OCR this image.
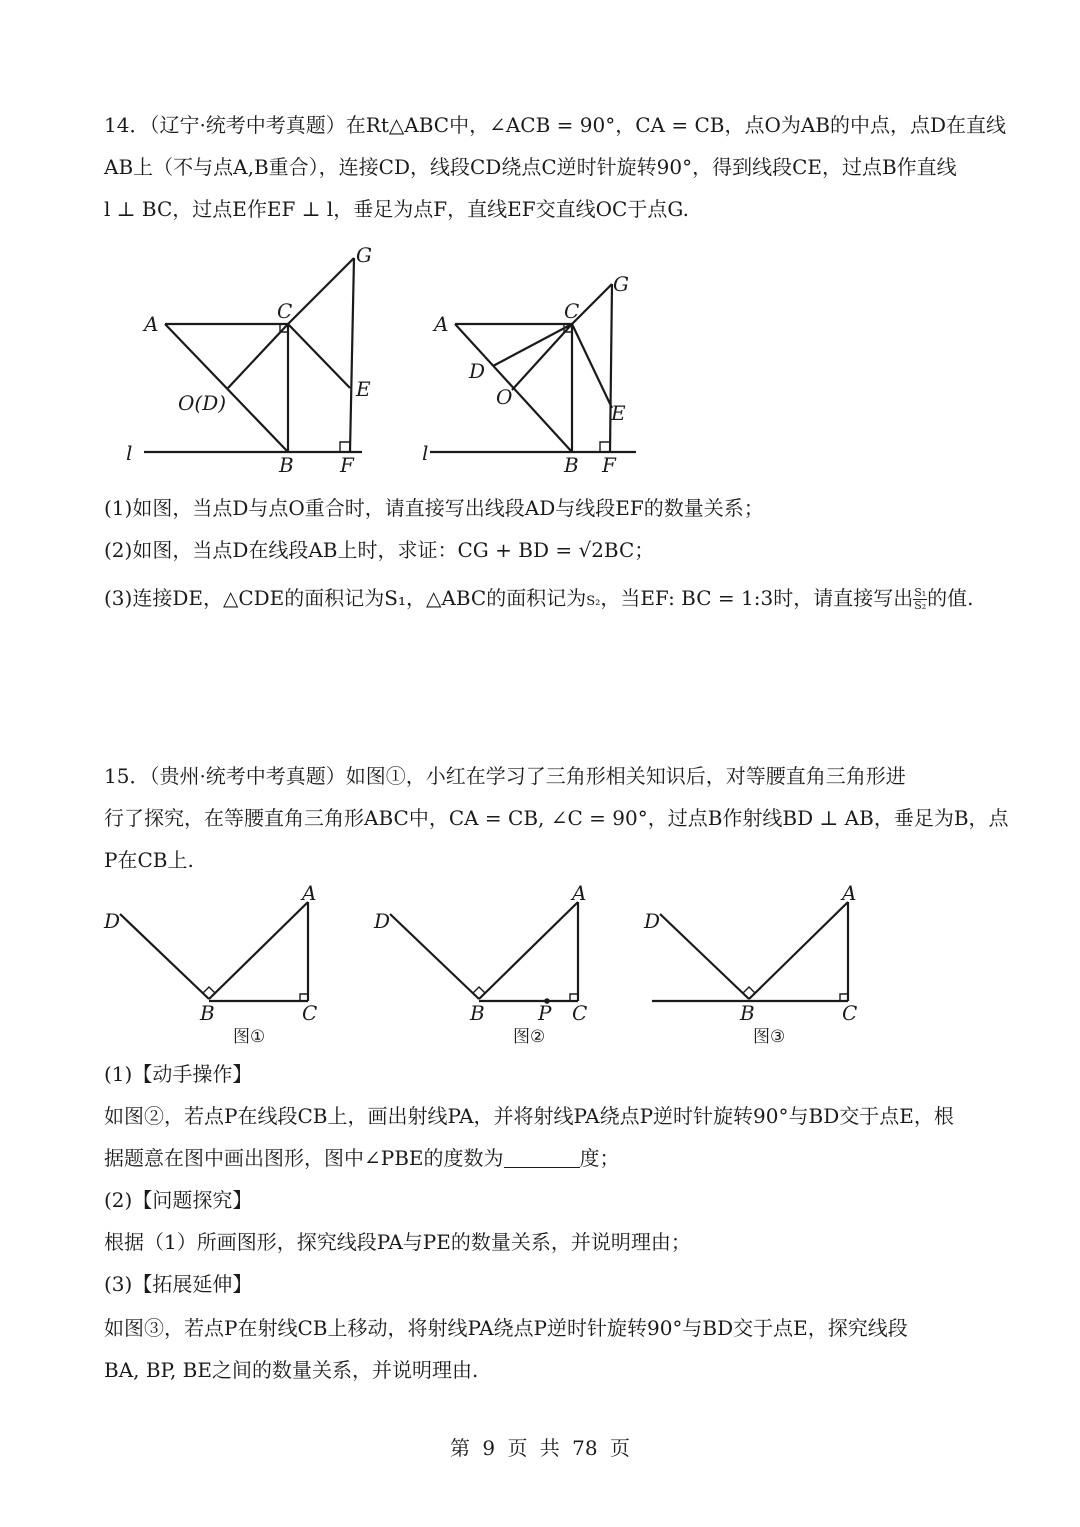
14．（辽宁·统考中考真题）在Rt△ABC中，∠ACB = 90°，CA = CB，点O为AB的中点，点D在直线
AB上（不与点A,B重合），连接CD，线段CD绕点C逆时针旋转90°，得到线段CE，过点B作直线
l ⊥ BC，过点E作EF ⊥ l，垂足为点F，直线EF交直线OC于点G.
A
C
G
O(D)
E
l	B F
A
C
G
D
O
E
l	B F
(1)如图，当点D与点O重合时，请直接写出线段AD与线段EF的数量关系；
(2)如图，当点D在线段AB上时，求证：CG + BD = √2BC；
(3)连接DE，△CDE的面积记为S₁，△ABC的面积记为S₂，当EF: BC = 1:3时，请直接写出 $\frac{\text{S₁}}{\text{S₂}}$ 的值.
15．（贵州·统考中考真题）如图①，小红在学习了三角形相关知识后，对等腰直角三角形进
行了探究，在等腰直角三角形ABC中，CA = CB, ∠C = 90°，过点B作射线BD ⊥ AB，垂足为B，点
P在CB上.
D
A
B	C
图①
D
A
B	P C
图②
D
A
B	C
图③
(1)【动手操作】
如图②，若点P在线段CB上，画出射线PA，并将射线PA绕点P逆时针旋转90°与BD交于点E，根
据题意在图中画出图形，图中∠PBE的度数为	度；
(2)【问题探究】
根据（1）所画图形，探究线段PA与PE的数量关系，并说明理由；
(3)【拓展延伸】
如图③，若点P在射线CB上移动，将射线PA绕点P逆时针旋转90°与BD交于点E，探究线段
BA, BP, BE之间的数量关系，并说明理由.
第 9 页 共 78 页
